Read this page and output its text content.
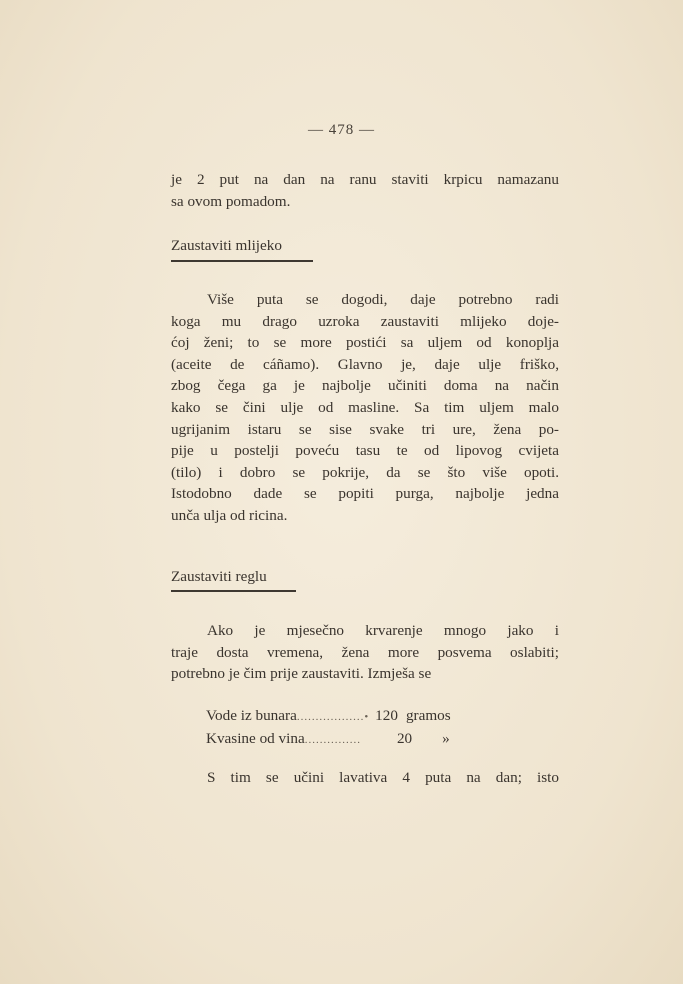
— 478 —
je 2 put na dan na ranu staviti krpicu namazanu
sa ovom pomadom.
Zaustaviti mlijeko
Više puta se dogodi, daje potrebno radi
koga mu drago uzroka zaustaviti mlijeko doje-
ćoj ženi; to se more postići sa uljem od konoplja
(aceite de cáñamo). Glavno je, daje ulje friško,
zbog čega ga je najbolje učiniti doma na način
kako se čini ulje od masline. Sa tim uljem malo
ugrijanim istaru se sise svake tri ure, žena po-
pije u postelji poveću tasu te od lipovog cvijeta
(tilo) i dobro se pokrije, da se što više opoti.
Istodobno dade se popiti purga, najbolje jedna
unča ulja od ricina.
Zaustaviti reglu
Ako je mjesečno krvarenje mnogo jako i
traje dosta vremena, žena more posvema oslabiti;
potrebno je čim prije zaustaviti. Izmješa se
Vode iz bunara ..................• 120 gramos
Kvasine od vina ............... 20 »
S tim se učini lavativa 4 puta na dan; isto
